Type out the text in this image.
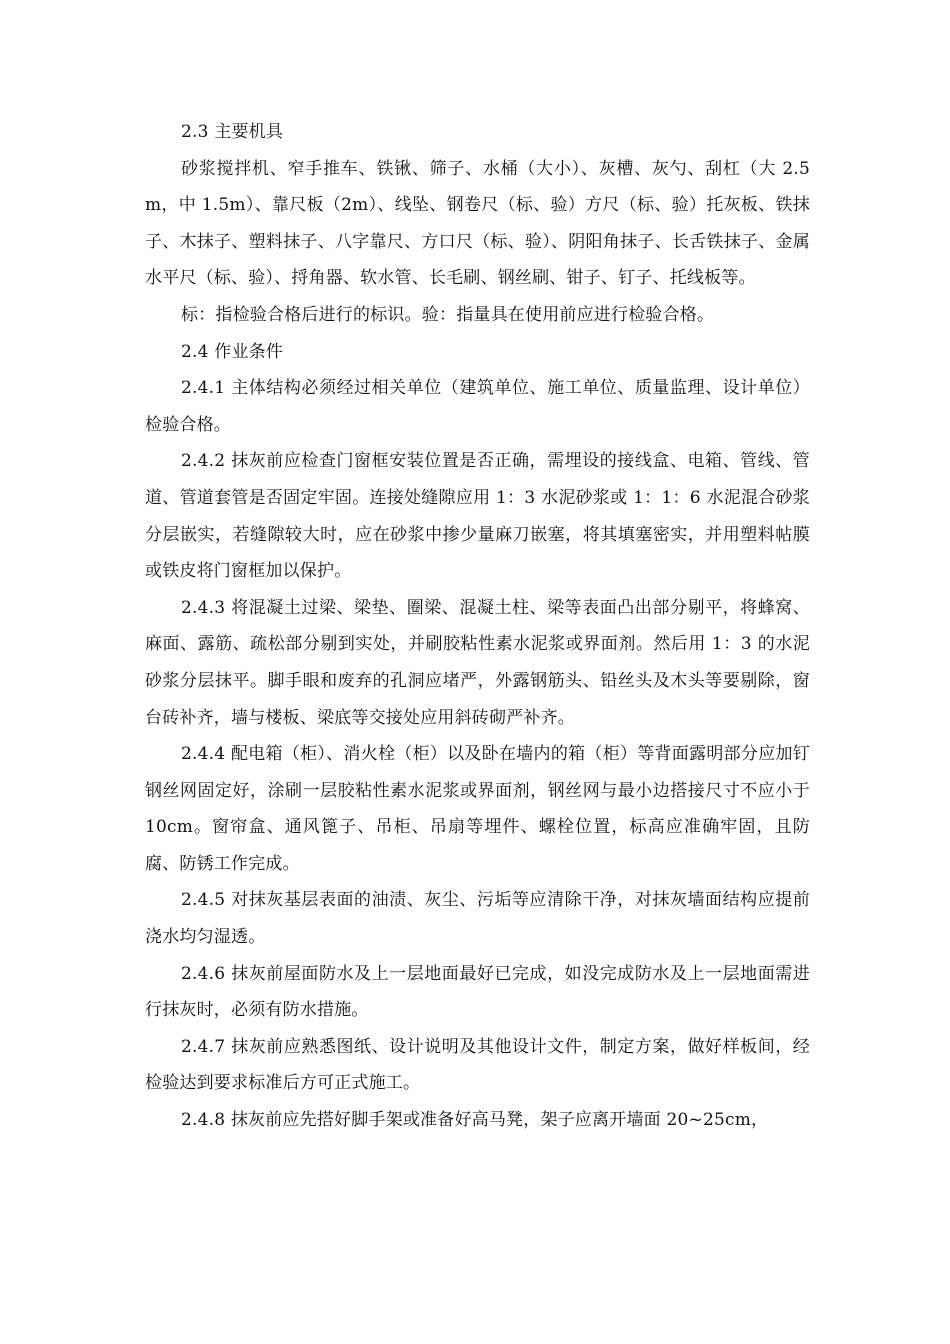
2.3 主要机具

砂浆搅拌机、窄手推车、铁锹、筛子、水桶（大小）、灰槽、灰勺、刮杠（大 2.5m，中 1.5m）、靠尺板（2m）、线坠、钢卷尺（标、验）方尺（标、验）托灰板、铁抹子、木抹子、塑料抹子、八字靠尺、方口尺（标、验）、阴阳角抹子、长舌铁抹子、金属水平尺（标、验）、捋角器、软水管、长毛刷、钢丝刷、钳子、钉子、托线板等。

标：指检验合格后进行的标识。验：指量具在使用前应进行检验合格。

2.4 作业条件

2.4.1 主体结构必须经过相关单位（建筑单位、施工单位、质量监理、设计单位）检验合格。

2.4.2 抹灰前应检查门窗框安装位置是否正确，需埋设的接线盒、电箱、管线、管道、管道套管是否固定牢固。连接处缝隙应用 1：3 水泥砂浆或 1：1：6 水泥混合砂浆分层嵌实，若缝隙较大时，应在砂浆中掺少量麻刀嵌塞，将其填塞密实，并用塑料帖膜或铁皮将门窗框加以保护。

2.4.3 将混凝土过梁、梁垫、圈梁、混凝土柱、梁等表面凸出部分剔平，将蜂窝、麻面、露筋、疏松部分剔到实处，并刷胶粘性素水泥浆或界面剂。然后用 1：3 的水泥砂浆分层抹平。脚手眼和废弃的孔洞应堵严，外露钢筋头、铅丝头及木头等要剔除，窗台砖补齐，墙与楼板、梁底等交接处应用斜砖砌严补齐。

2.4.4 配电箱（柜）、消火栓（柜）以及卧在墙内的箱（柜）等背面露明部分应加钉钢丝网固定好，涂刷一层胶粘性素水泥浆或界面剂，钢丝网与最小边搭接尺寸不应小于 10cm。窗帘盒、通风篦子、吊柜、吊扇等埋件、螺栓位置，标高应准确牢固，且防腐、防锈工作完成。

2.4.5 对抹灰基层表面的油渍、灰尘、污垢等应清除干净，对抹灰墙面结构应提前浇水均匀湿透。

2.4.6 抹灰前屋面防水及上一层地面最好已完成，如没完成防水及上一层地面需进行抹灰时，必须有防水措施。

2.4.7 抹灰前应熟悉图纸、设计说明及其他设计文件，制定方案，做好样板间，经检验达到要求标准后方可正式施工。

2.4.8 抹灰前应先搭好脚手架或准备好高马凳，架子应离开墙面 20~25cm，
